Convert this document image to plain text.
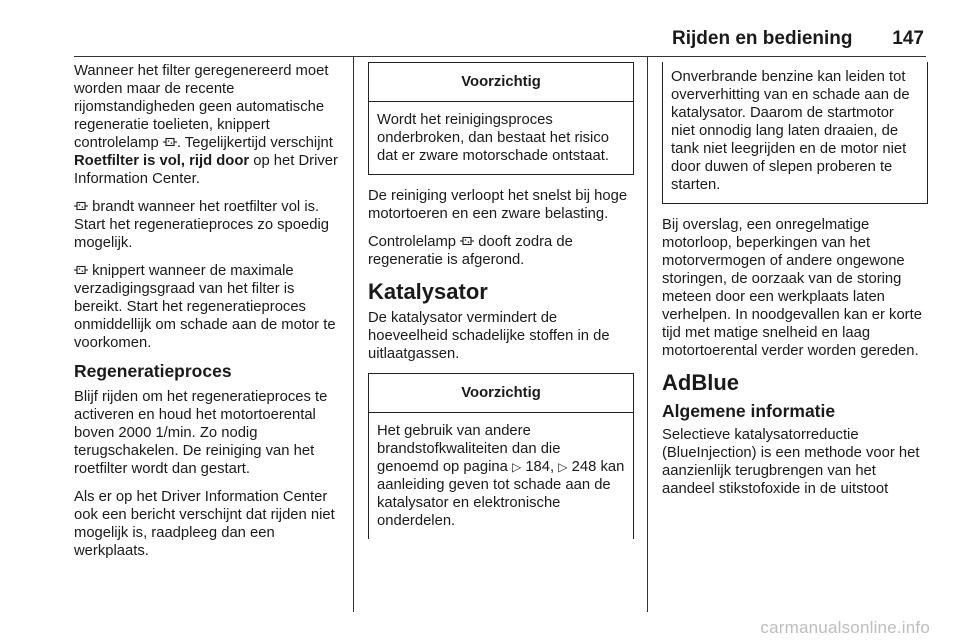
Rijden en bediening 147

Wanneer het filter geregenereerd moet worden maar de recente rijomstandigheden geen automatische regeneratie toelieten, knippert controlelamp . Tegelijkertijd verschijnt Roetfilter is vol, rijd door op het Driver Information Center.

brandt wanneer het roetfilter vol is. Start het regeneratieproces zo spoedig mogelijk.

knippert wanneer de maximale verzadigingsgraad van het filter is bereikt. Start het regeneratieproces onmiddellijk om schade aan de motor te voorkomen.

Regeneratieproces

Blijf rijden om het regeneratieproces te activeren en houd het motortoerental boven 2000 1/min. Zo nodig terugschakelen. De reiniging van het roetfilter wordt dan gestart.

Als er op het Driver Information Center ook een bericht verschijnt dat rijden niet mogelijk is, raadpleeg dan een werkplaats.

Voorzichtig
Wordt het reinigingsproces onderbroken, dan bestaat het risico dat er zware motorschade ontstaat.

De reiniging verloopt het snelst bij hoge motortoeren en een zware belasting.

Controlelamp  dooft zodra de regeneratie is afgerond.

Katalysator

De katalysator vermindert de hoeveelheid schadelijke stoffen in de uitlaatgassen.

Voorzichtig
Het gebruik van andere brandstofkwaliteiten dan die genoemd op pagina ▷ 184, ▷ 248 kan aanleiding geven tot schade aan de katalysator en elektronische onderdelen.
Onverbrande benzine kan leiden tot oververhitting van en schade aan de katalysator. Daarom de startmotor niet onnodig lang laten draaien, de tank niet leegrijden en de motor niet door duwen of slepen proberen te starten.

Bij overslag, een onregelmatige motorloop, beperkingen van het motorvermogen of andere ongewone storingen, de oorzaak van de storing meteen door een werkplaats laten verhelpen. In noodgevallen kan er korte tijd met matige snelheid en laag motortoerental verder worden gereden.

AdBlue
Algemene informatie

Selectieve katalysatorreductie (BlueInjection) is een methode voor het aanzienlijk terugbrengen van het aandeel stikstofoxide in de uitstoot

carmanualsonline.info
